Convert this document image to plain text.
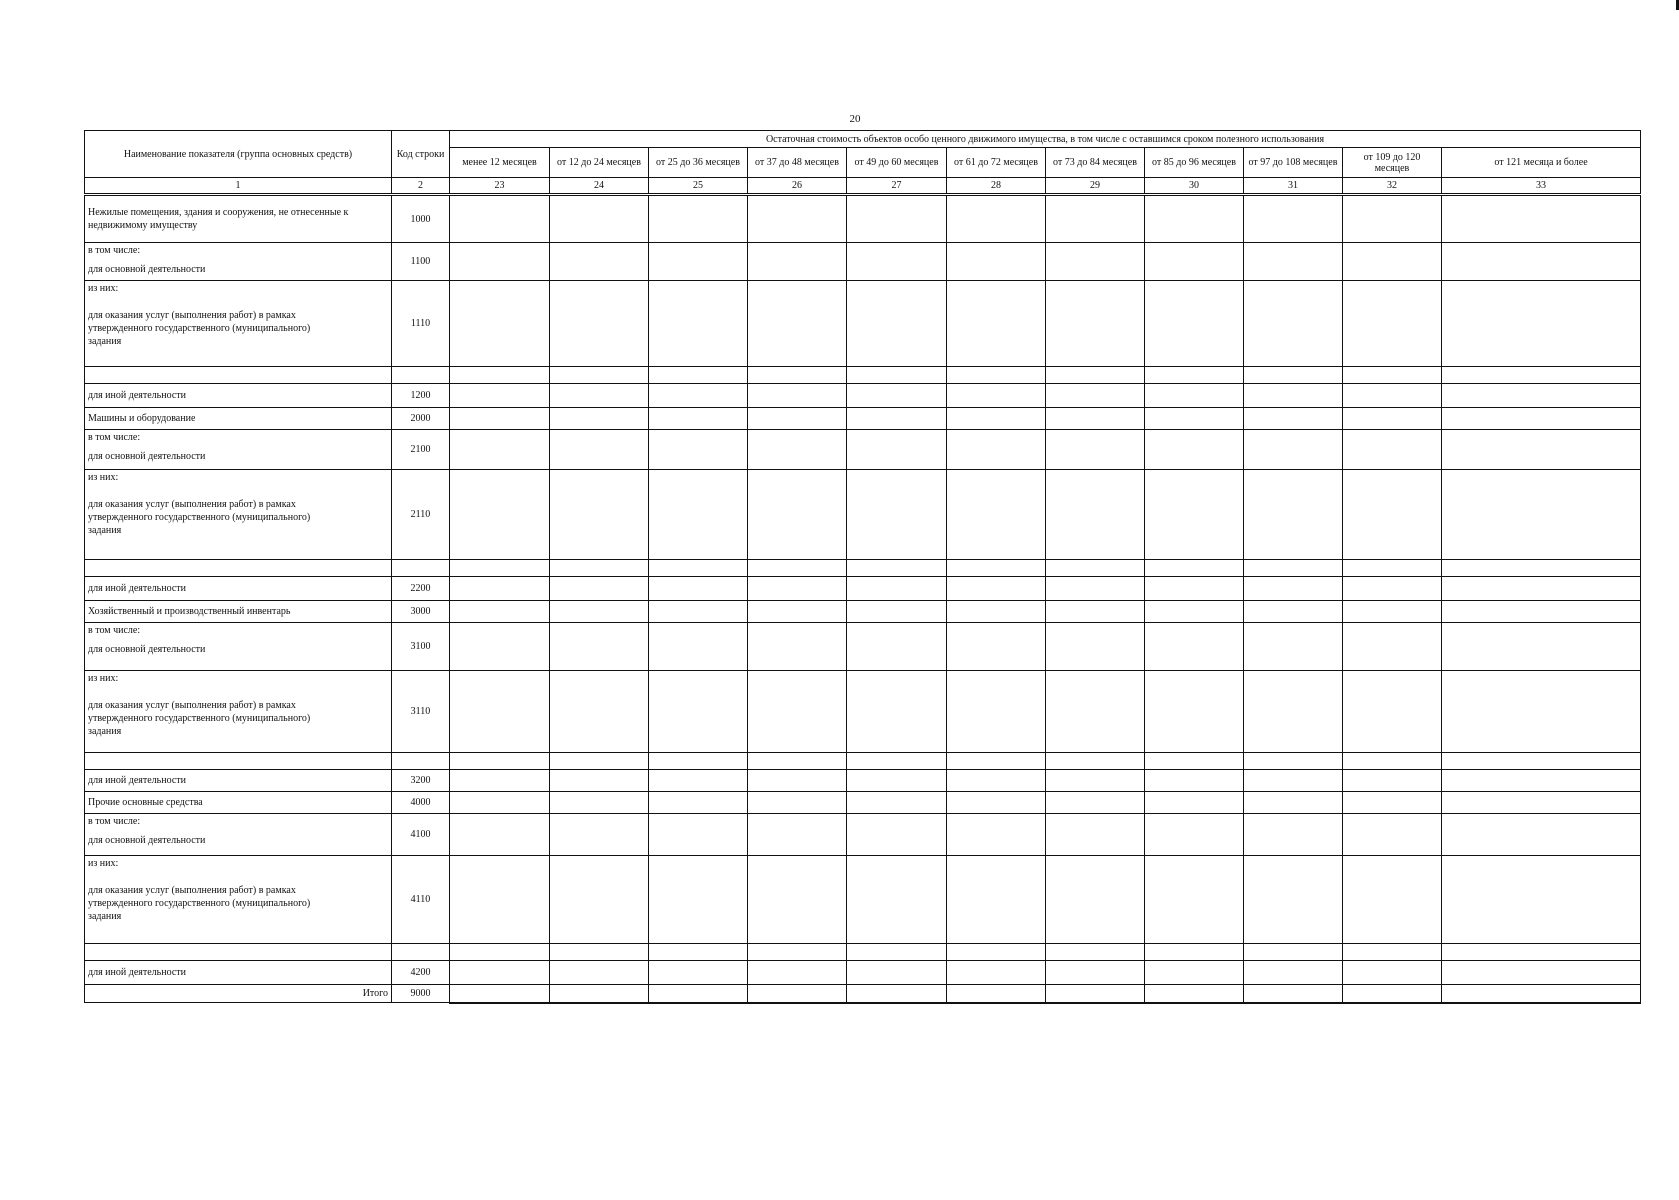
20
Наименование показателя (группа основных средств)	Код строки	Остаточная стоимость объектов особо ценного движимого имущества, в том числе с оставшимся сроком полезного использования										
		менее 12 месяцев	от 12 до 24 месяцев	от 25 до 36 месяцев	от 37 до 48 месяцев	от 49 до 60 месяцев	от 61 до 72 месяцев	от 73 до 84 месяцев	от 85 до 96 месяцев	от 97 до 108 месяцев	от 109 до 120 месяцев	от 121 месяца и более
1	2	23	24	25	26	27	28	29	30	31	32	33

Нежилые помещения, здания и сооружения, не отнесенные к недвижимому имуществу	1000											

в том числе:
для основной деятельности	1100											

из них:
для оказания услуг (выполнения работ) в рамках утвержденного государственного (муниципального) задания	1110											

для иной деятельности	1200											

Машины и оборудование	2000											

в том числе:
для основной деятельности	2100											

из них:
для оказания услуг (выполнения работ) в рамках утвержденного государственного (муниципального) задания	2110											

для иной деятельности	2200											

Хозяйственный и производственный инвентарь	3000											

в том числе:
для основной деятельности	3100											

из них:
для оказания услуг (выполнения работ) в рамках утвержденного государственного (муниципального) задания	3110											

для иной деятельности	3200											

Прочие основные средства	4000											

в том числе:
для основной деятельности	4100											

из них:
для оказания услуг (выполнения работ) в рамках утвержденного государственного (муниципального) задания	4110											

для иной деятельности	4200											
Итого	9000											
